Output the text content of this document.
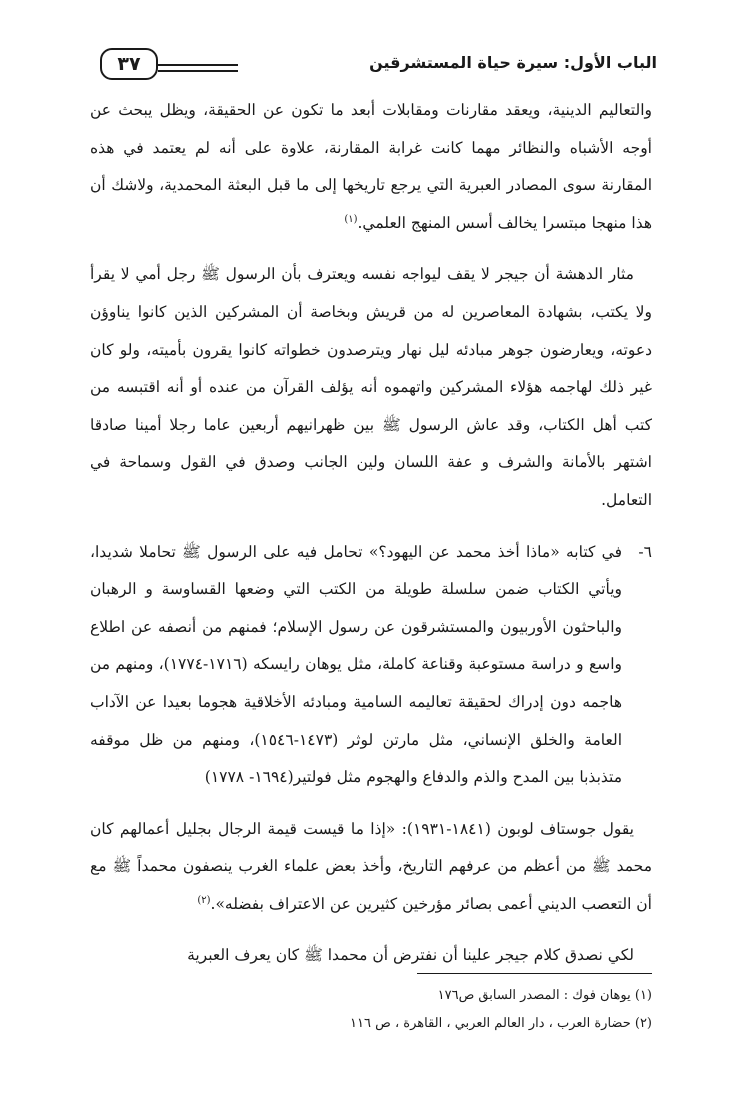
الباب الأول: سيرة حياة المستشرقين
٣٧

والتعاليم الدينية، ويعقد مقارنات ومقابلات أبعد ما تكون عن الحقيقة، ويظل يبحث عن أوجه الأشباه والنظائر مهما كانت غرابة المقارنة، علاوة على أنه لم يعتمد في هذه المقارنة سوى المصادر العبرية التي يرجع تاريخها إلى ما قبل البعثة المحمدية، ولاشك أن هذا منهجا مبتسرا يخالف أسس المنهج العلمي.$^{(١)}$

مثار الدهشة أن جيجر لا يقف ليواجه نفسه ويعترف بأن الرسول ﷺ رجل أمي لا يقرأ ولا يكتب، بشهادة المعاصرين له من قريش وبخاصة أن المشركين الذين كانوا يناوؤن دعوته، ويعارضون جوهر مبادئه ليل نهار ويترصدون خطواته كانوا يقرون بأميته، ولو كان غير ذلك لهاجمه هؤلاء المشركين واتهموه أنه يؤلف القرآن من عنده أو أنه اقتبسه من كتب أهل الكتاب، وقد عاش الرسول ﷺ بين ظهرانيهم أربعين عاما رجلا أمينا صادقا اشتهر بالأمانة والشرف و عفة اللسان ولين الجانب وصدق في القول وسماحة في التعامل.

٦-
في كتابه «ماذا أخذ محمد عن اليهود؟» تحامل فيه على الرسول ﷺ تحاملا شديدا، ويأتي الكتاب ضمن سلسلة طويلة من الكتب التي وضعها القساوسة و الرهبان والباحثون الأوربيون والمستشرقون عن رسول الإسلام؛ فمنهم من أنصفه عن اطلاع واسع و دراسة مستوعبة وقناعة كاملة، مثل يوهان رايسكه (١٧١٦-١٧٧٤)، ومنهم من هاجمه دون إدراك لحقيقة تعاليمه السامية ومبادئه الأخلاقية هجوما بعيدا عن الآداب العامة والخلق الإنساني، مثل مارتن لوثر (١٤٧٣-١٥٤٦)، ومنهم من ظل موقفه متذبذبا بين المدح والذم والدفاع والهجوم مثل فولتير(١٦٩٤- ١٧٧٨)

يقول جوستاف لوبون (١٨٤١-١٩٣١): «إذا ما قيست قيمة الرجال بجليل أعمالهم كان محمد ﷺ من أعظم من عرفهم التاريخ، وأخذ بعض علماء الغرب ينصفون محمداً ﷺ مع أن التعصب الديني أعمى بصائر مؤرخين كثيرين عن الاعتراف بفضله».$^{(٢)}$

لكي نصدق كلام جيجر علينا أن نفترض أن محمدا ﷺ كان يعرف العبرية

(١) يوهان فوك : المصدر السابق ص١٧٦
(٢) حضارة العرب ، دار العالم العربي ، القاهرة ، ص ١١٦
